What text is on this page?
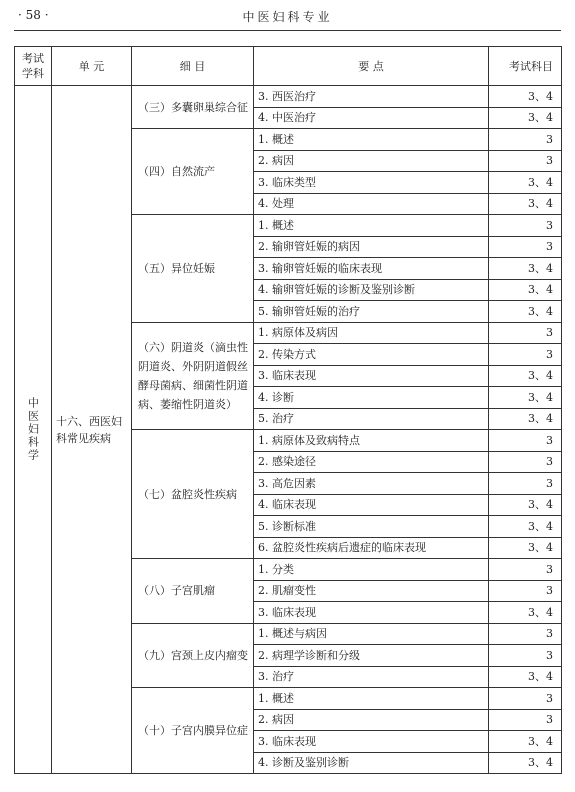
· 58 ·	中医妇科专业
考试学科	单 元	细 目	要 点	考试科目
中医妇科学	十六、西医妇科常见疾病	（三）多囊卵巢综合征	3. 西医治疗	3、4
			4. 中医治疗	3、4
		（四）自然流产	1. 概述	3
			2. 病因	3
			3. 临床类型	3、4
			4. 处理	3、4
		（五）异位妊娠	1. 概述	3
			2. 输卵管妊娠的病因	3
			3. 输卵管妊娠的临床表现	3、4
			4. 输卵管妊娠的诊断及鉴别诊断	3、4
			5. 输卵管妊娠的治疗	3、4
		（六）阴道炎（滴虫性阴道炎、外阴阴道假丝酵母菌病、细菌性阴道病、萎缩性阴道炎）	1. 病原体及病因	3
			2. 传染方式	3
			3. 临床表现	3、4
			4. 诊断	3、4
			5. 治疗	3、4
		（七）盆腔炎性疾病	1. 病原体及致病特点	3
			2. 感染途径	3
			3. 高危因素	3
			4. 临床表现	3、4
			5. 诊断标准	3、4
			6. 盆腔炎性疾病后遗症的临床表现	3、4
		（八）子宫肌瘤	1. 分类	3
			2. 肌瘤变性	3
			3. 临床表现	3、4
		（九）宫颈上皮内瘤变	1. 概述与病因	3
			2. 病理学诊断和分级	3
			3. 治疗	3、4
		（十）子宫内膜异位症	1. 概述	3
			2. 病因	3
			3. 临床表现	3、4
			4. 诊断及鉴别诊断	3、4
